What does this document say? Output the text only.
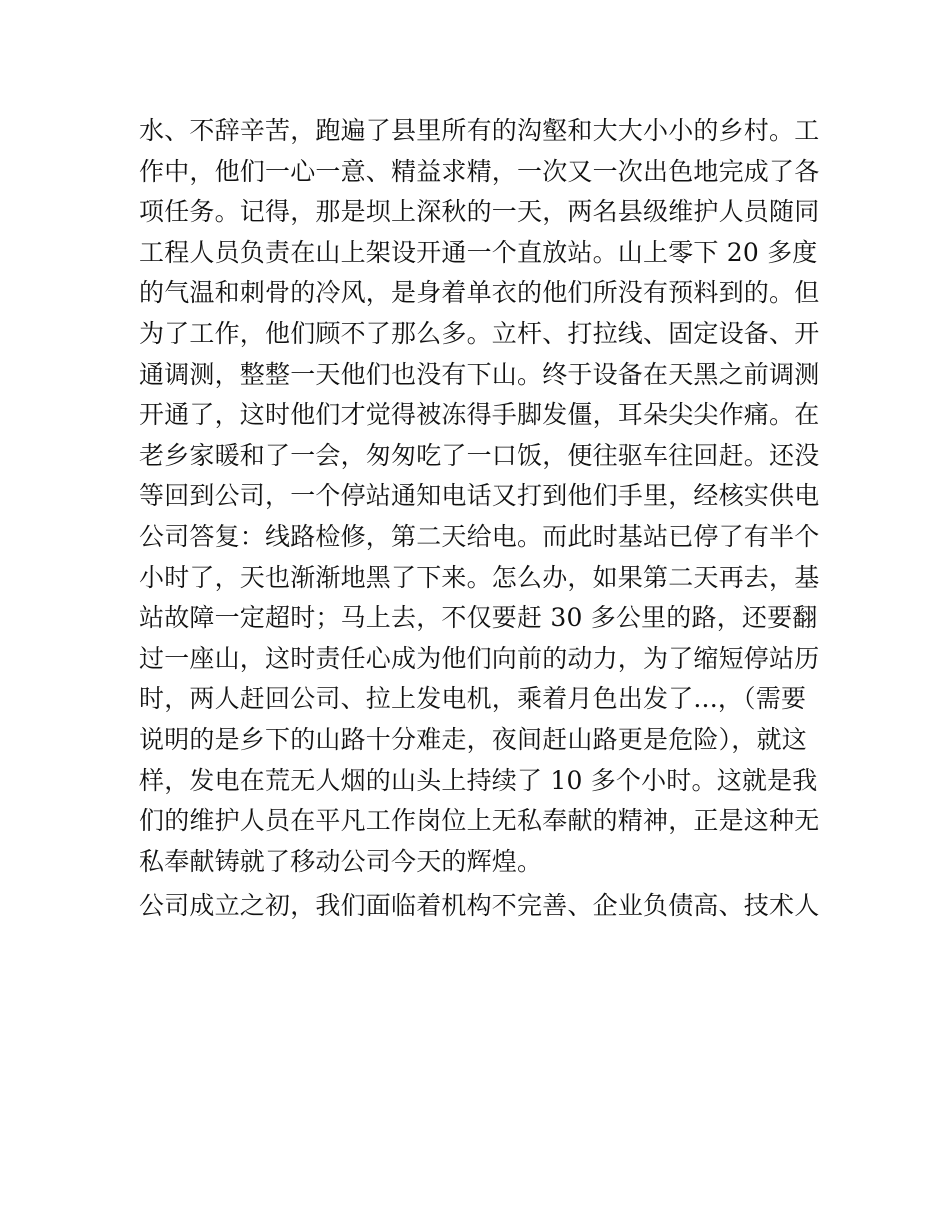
水、不辞辛苦，跑遍了县里所有的沟壑和大大小小的乡村。工
作中，他们一心一意、精益求精，一次又一次出色地完成了各
项任务。记得，那是坝上深秋的一天，两名县级维护人员随同
工程人员负责在山上架设开通一个直放站。山上零下 20 多度
的气温和刺骨的冷风，是身着单衣的他们所没有预料到的。但
为了工作，他们顾不了那么多。立杆、打拉线、固定设备、开
通调测，整整一天他们也没有下山。终于设备在天黑之前调测
开通了，这时他们才觉得被冻得手脚发僵，耳朵尖尖作痛。在
老乡家暖和了一会，匆匆吃了一口饭，便往驱车往回赶。还没
等回到公司，一个停站通知电话又打到他们手里，经核实供电
公司答复：线路检修，第二天给电。而此时基站已停了有半个
小时了，天也渐渐地黑了下来。怎么办，如果第二天再去，基
站故障一定超时；马上去，不仅要赶 30 多公里的路，还要翻
过一座山，这时责任心成为他们向前的动力，为了缩短停站历
时，两人赶回公司、拉上发电机，乘着月色出发了...，（需要
说明的是乡下的山路十分难走，夜间赶山路更是危险），就这
样，发电在荒无人烟的山头上持续了 10 多个小时。这就是我
们的维护人员在平凡工作岗位上无私奉献的精神，正是这种无
私奉献铸就了移动公司今天的辉煌。
公司成立之初，我们面临着机构不完善、企业负债高、技术人
